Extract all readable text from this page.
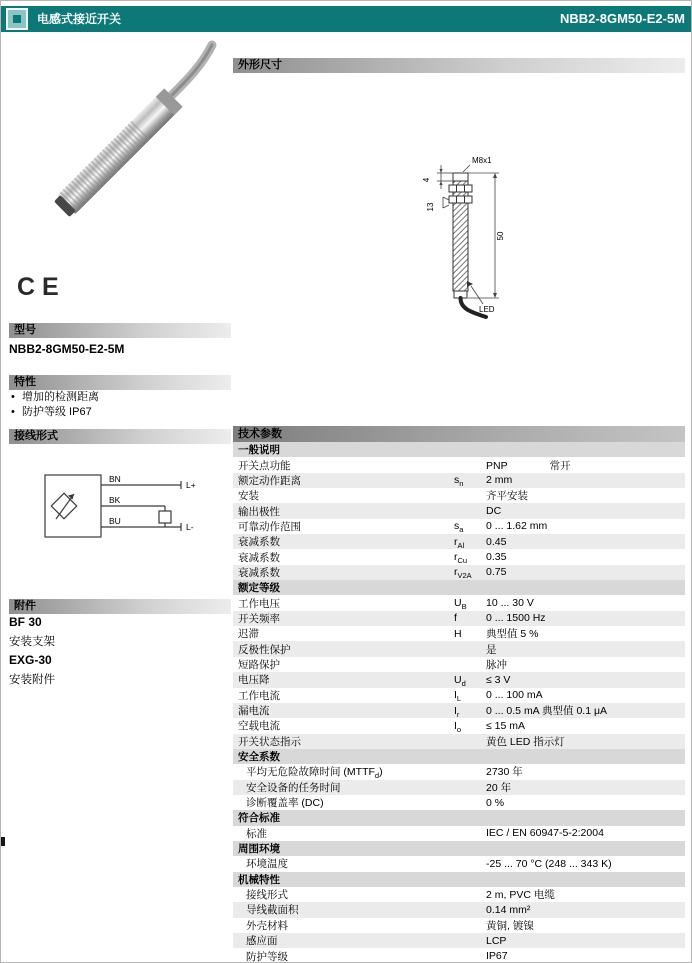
电感式接近开关	NBB2-8GM50-E2-5M
CE
型号
NBB2-8GM50-E2-5M
特性
• 增加的检测距离
• 防护等级 IP67
接线形式
BN
BK
BU
L+
L-
附件
BF 30
安装支架
EXG-30
安装附件
外形尺寸
M8x1
4
13
50
LED
技术参数
一般说明
开关点功能	PNP	常开
额定动作距离	$s_n$	2 mm
安装	齐平安装
输出极性	DC
可靠动作范围	$s_a$	0 ... 1.62 mm
衰减系数	$r_{Al}$	0.45
衰减系数	$r_{Cu}$	0.35
衰减系数	$r_{V2A}$	0.75
额定等级
工作电压	$U_B$	10 ... 30 V
开关频率	f	0 ... 1500 Hz
迟滞	H	典型值 5 %
反极性保护	是
短路保护	脉冲
电压降	$U_d$	≤ 3 V
工作电流	$I_L$	0 ... 100 mA
漏电流	$I_r$	0 ... 0.5 mA 典型值 0.1 μA
空载电流	$I_o$	≤ 15 mA
开关状态指示	黄色 LED 指示灯
安全系数
平均无危险故障时间 $(MTTF_d)$	2730 年
安全设备的任务时间	20 年
诊断覆盖率 (DC)	0 %
符合标准
标准	IEC / EN 60947-5-2:2004
周围环境
环境温度	-25 ... 70 °C (248 ... 343 K)
机械特性
接线形式	2 m, PVC 电缆
导线截面积	0.14 mm²
外壳材料	黄铜, 镀镍
感应面	LCP
防护等级	IP67
